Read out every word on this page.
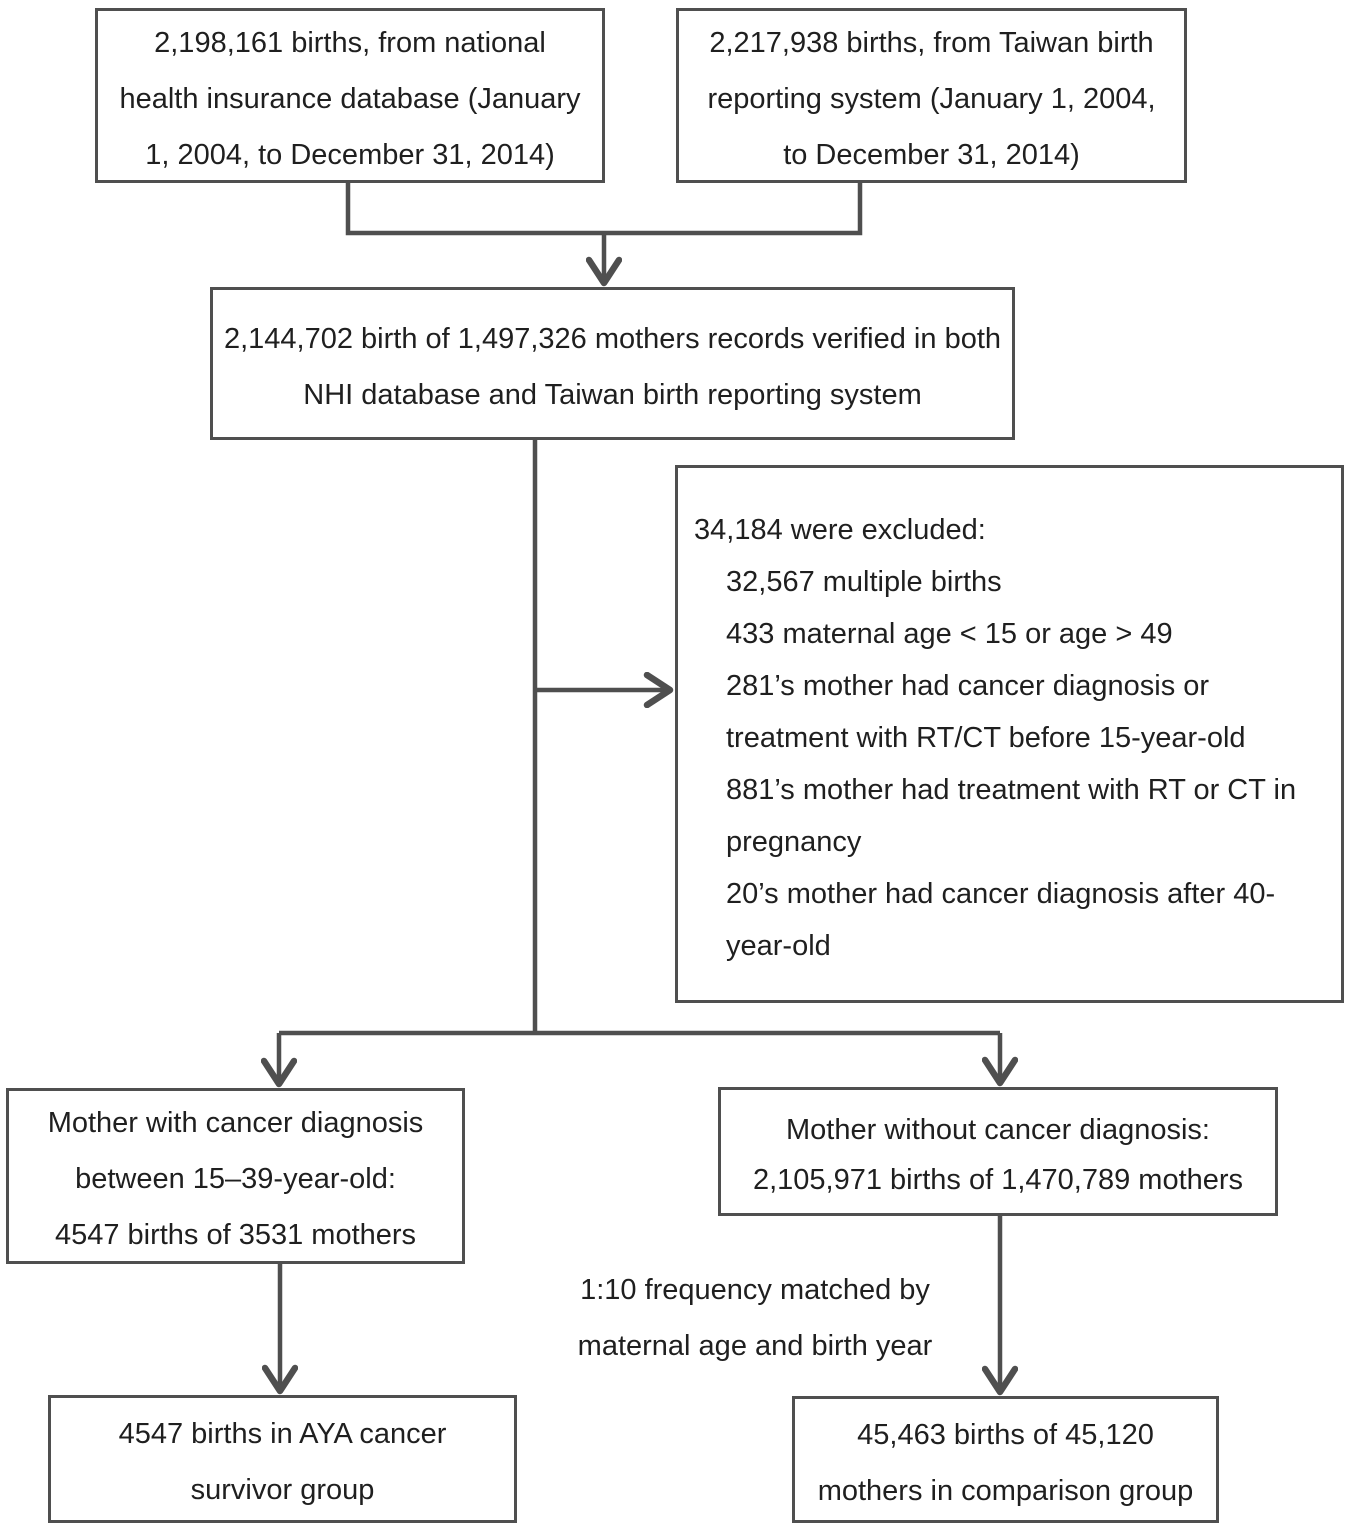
2,198,161 births, from national
health insurance database (January
1, 2004, to December 31, 2014)
2,217,938 births, from Taiwan birth
reporting system (January 1, 2004,
to December 31, 2014)
2,144,702 birth of 1,497,326 mothers records verified in both
NHI database and Taiwan birth reporting system
34,184 were excluded:
32,567 multiple births
433 maternal age < 15 or age > 49
281’s mother had cancer diagnosis or
treatment with RT/CT before 15-year-old
881’s mother had treatment with RT or CT in
pregnancy
20’s mother had cancer diagnosis after 40-
year-old
Mother with cancer diagnosis
between 15–39-year-old:
4547 births of 3531 mothers
Mother without cancer diagnosis:
2,105,971 births of 1,470,789 mothers
1:10 frequency matched by
maternal age and birth year
4547 births in AYA cancer
survivor group
45,463 births of 45,120
mothers in comparison group
